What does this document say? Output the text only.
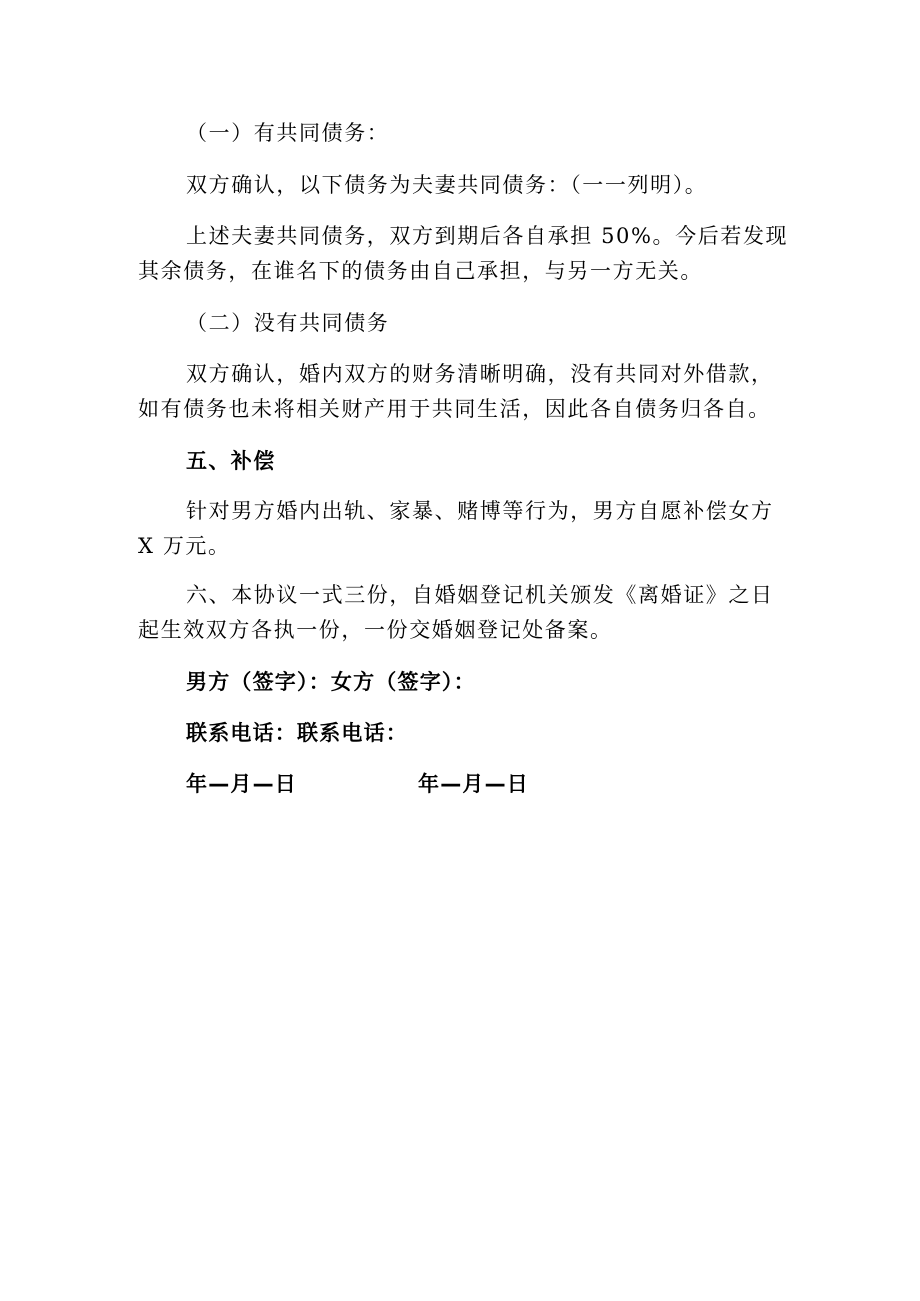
（一）有共同债务：

双方确认，以下债务为夫妻共同债务：（一一列明）。

上述夫妻共同债务，双方到期后各自承担 50%。今后若发现
其余债务，在谁名下的债务由自己承担，与另一方无关。

（二）没有共同债务

双方确认，婚内双方的财务清晰明确，没有共同对外借款，
如有债务也未将相关财产用于共同生活，因此各自债务归各自。

五、补偿

针对男方婚内出轨、家暴、赌博等行为，男方自愿补偿女方
X 万元。

六、本协议一式三份，自婚姻登记机关颁发《离婚证》之日
起生效双方各执一份，一份交婚姻登记处备案。

男方（签字）：女方（签字）：
联系电话：联系电话：
年—月—日	年—月—日
